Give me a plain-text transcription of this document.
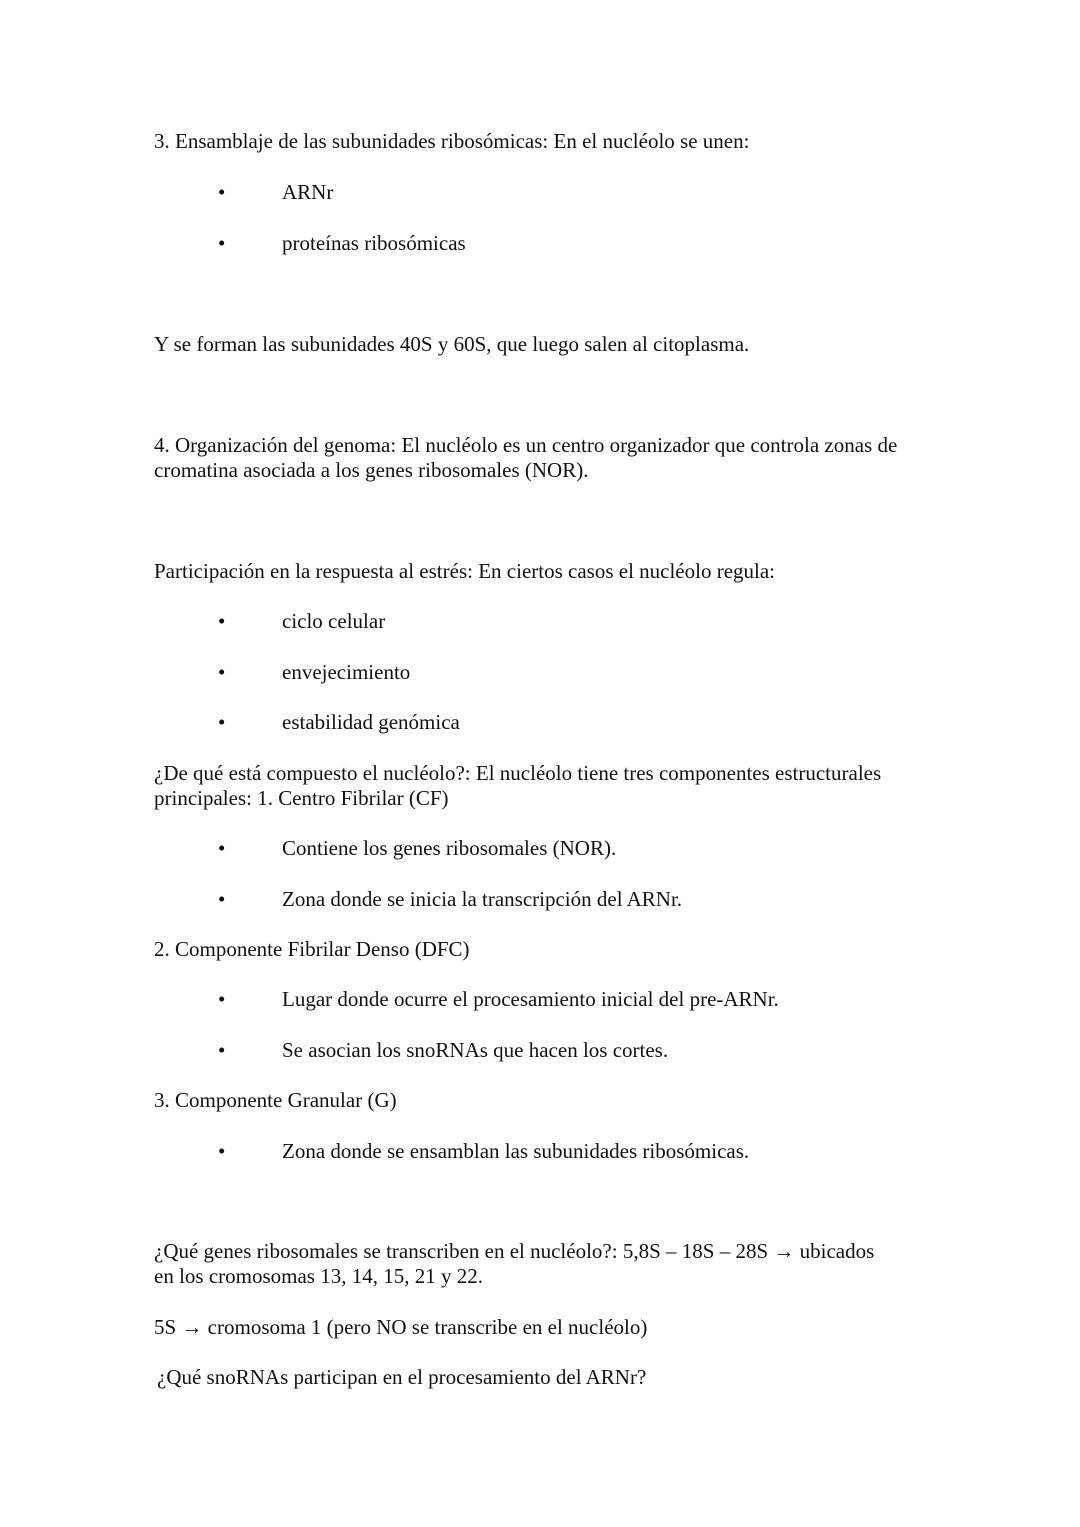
3. Ensamblaje de las subunidades ribosómicas: En el nucléolo se unen:
•	ARNr
•	proteínas ribosómicas
Y se forman las subunidades 40S y 60S, que luego salen al citoplasma.
4. Organización del genoma: El nucléolo es un centro organizador que controla zonas de
cromatina asociada a los genes ribosomales (NOR).
Participación en la respuesta al estrés: En ciertos casos el nucléolo regula:
•	ciclo celular
•	envejecimiento
•	estabilidad genómica
¿De qué está compuesto el nucléolo?: El nucléolo tiene tres componentes estructurales
principales: 1. Centro Fibrilar (CF)
•	Contiene los genes ribosomales (NOR).
•	Zona donde se inicia la transcripción del ARNr.
2. Componente Fibrilar Denso (DFC)
•	Lugar donde ocurre el procesamiento inicial del pre-ARNr.
•	Se asocian los snoRNAs que hacen los cortes.
3. Componente Granular (G)
•	Zona donde se ensamblan las subunidades ribosómicas.
¿Qué genes ribosomales se transcriben en el nucléolo?: 5,8S – 18S – 28S → ubicados
en los cromosomas 13, 14, 15, 21 y 22.
5S → cromosoma 1 (pero NO se transcribe en el nucléolo)
¿Qué snoRNAs participan en el procesamiento del ARNr?
